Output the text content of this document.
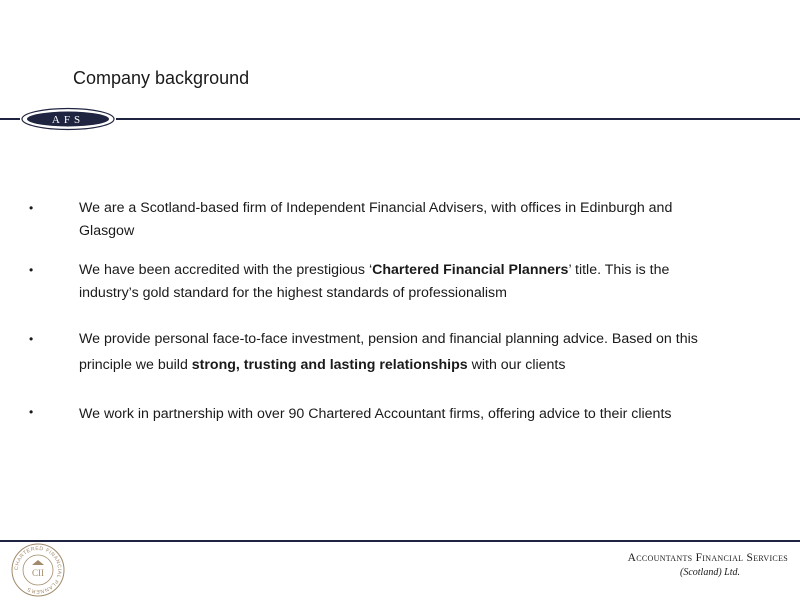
Company background
AFS
•	We are a Scotland-based firm of Independent Financial Advisers, with offices in Edinburgh and
Glasgow
•	We have been accredited with the prestigious ‘Chartered Financial Planners’ title. This is the
industry’s gold standard for the highest standards of professionalism
•	We provide personal face-to-face investment, pension and financial planning advice. Based on this
principle we build strong, trusting and lasting relationships with our clients
•	We work in partnership with over 90 Chartered Accountant firms, offering advice to their clients
CHARTERED FINANCIAL PLANNERS
CII
Accountants Financial Services
(Scotland) Ltd.
